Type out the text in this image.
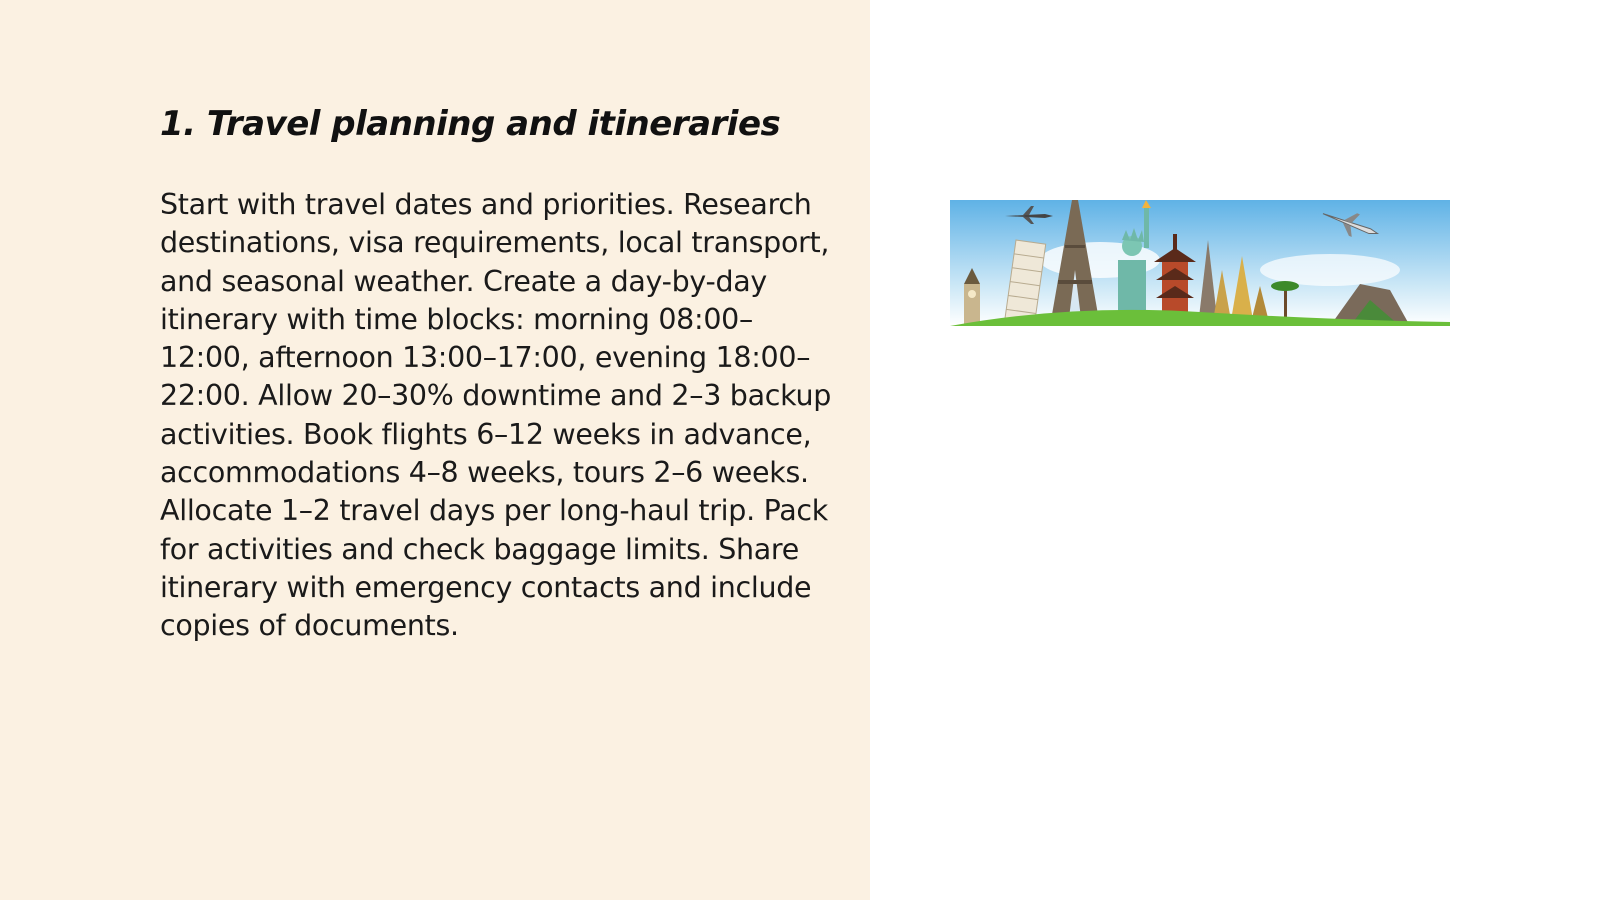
1. Travel planning and itineraries

Start with travel dates and priorities. Research destinations, visa requirements, local transport, and seasonal weather. Create a day-by-day itinerary with time blocks: morning 08:00–12:00, afternoon 13:00–17:00, evening 18:00–22:00. Allow 20–30% downtime and 2–3 backup activities. Book flights 6–12 weeks in advance, accommodations 4–8 weeks, tours 2–6 weeks. Allocate 1–2 travel days per long-haul trip. Pack for activities and check baggage limits. Share itinerary with emergency contacts and include copies of documents.
